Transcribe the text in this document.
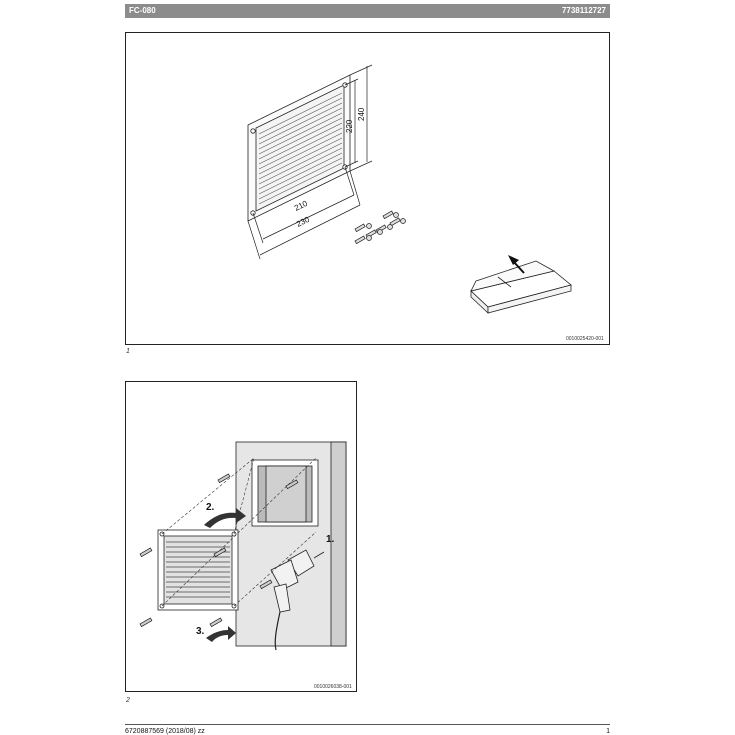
FC-080	7738112727
210
230
220
240
0010025420-001
1
1.
2.
3.
0010026038-001
2
6720887569 (2018/08) zz	1
